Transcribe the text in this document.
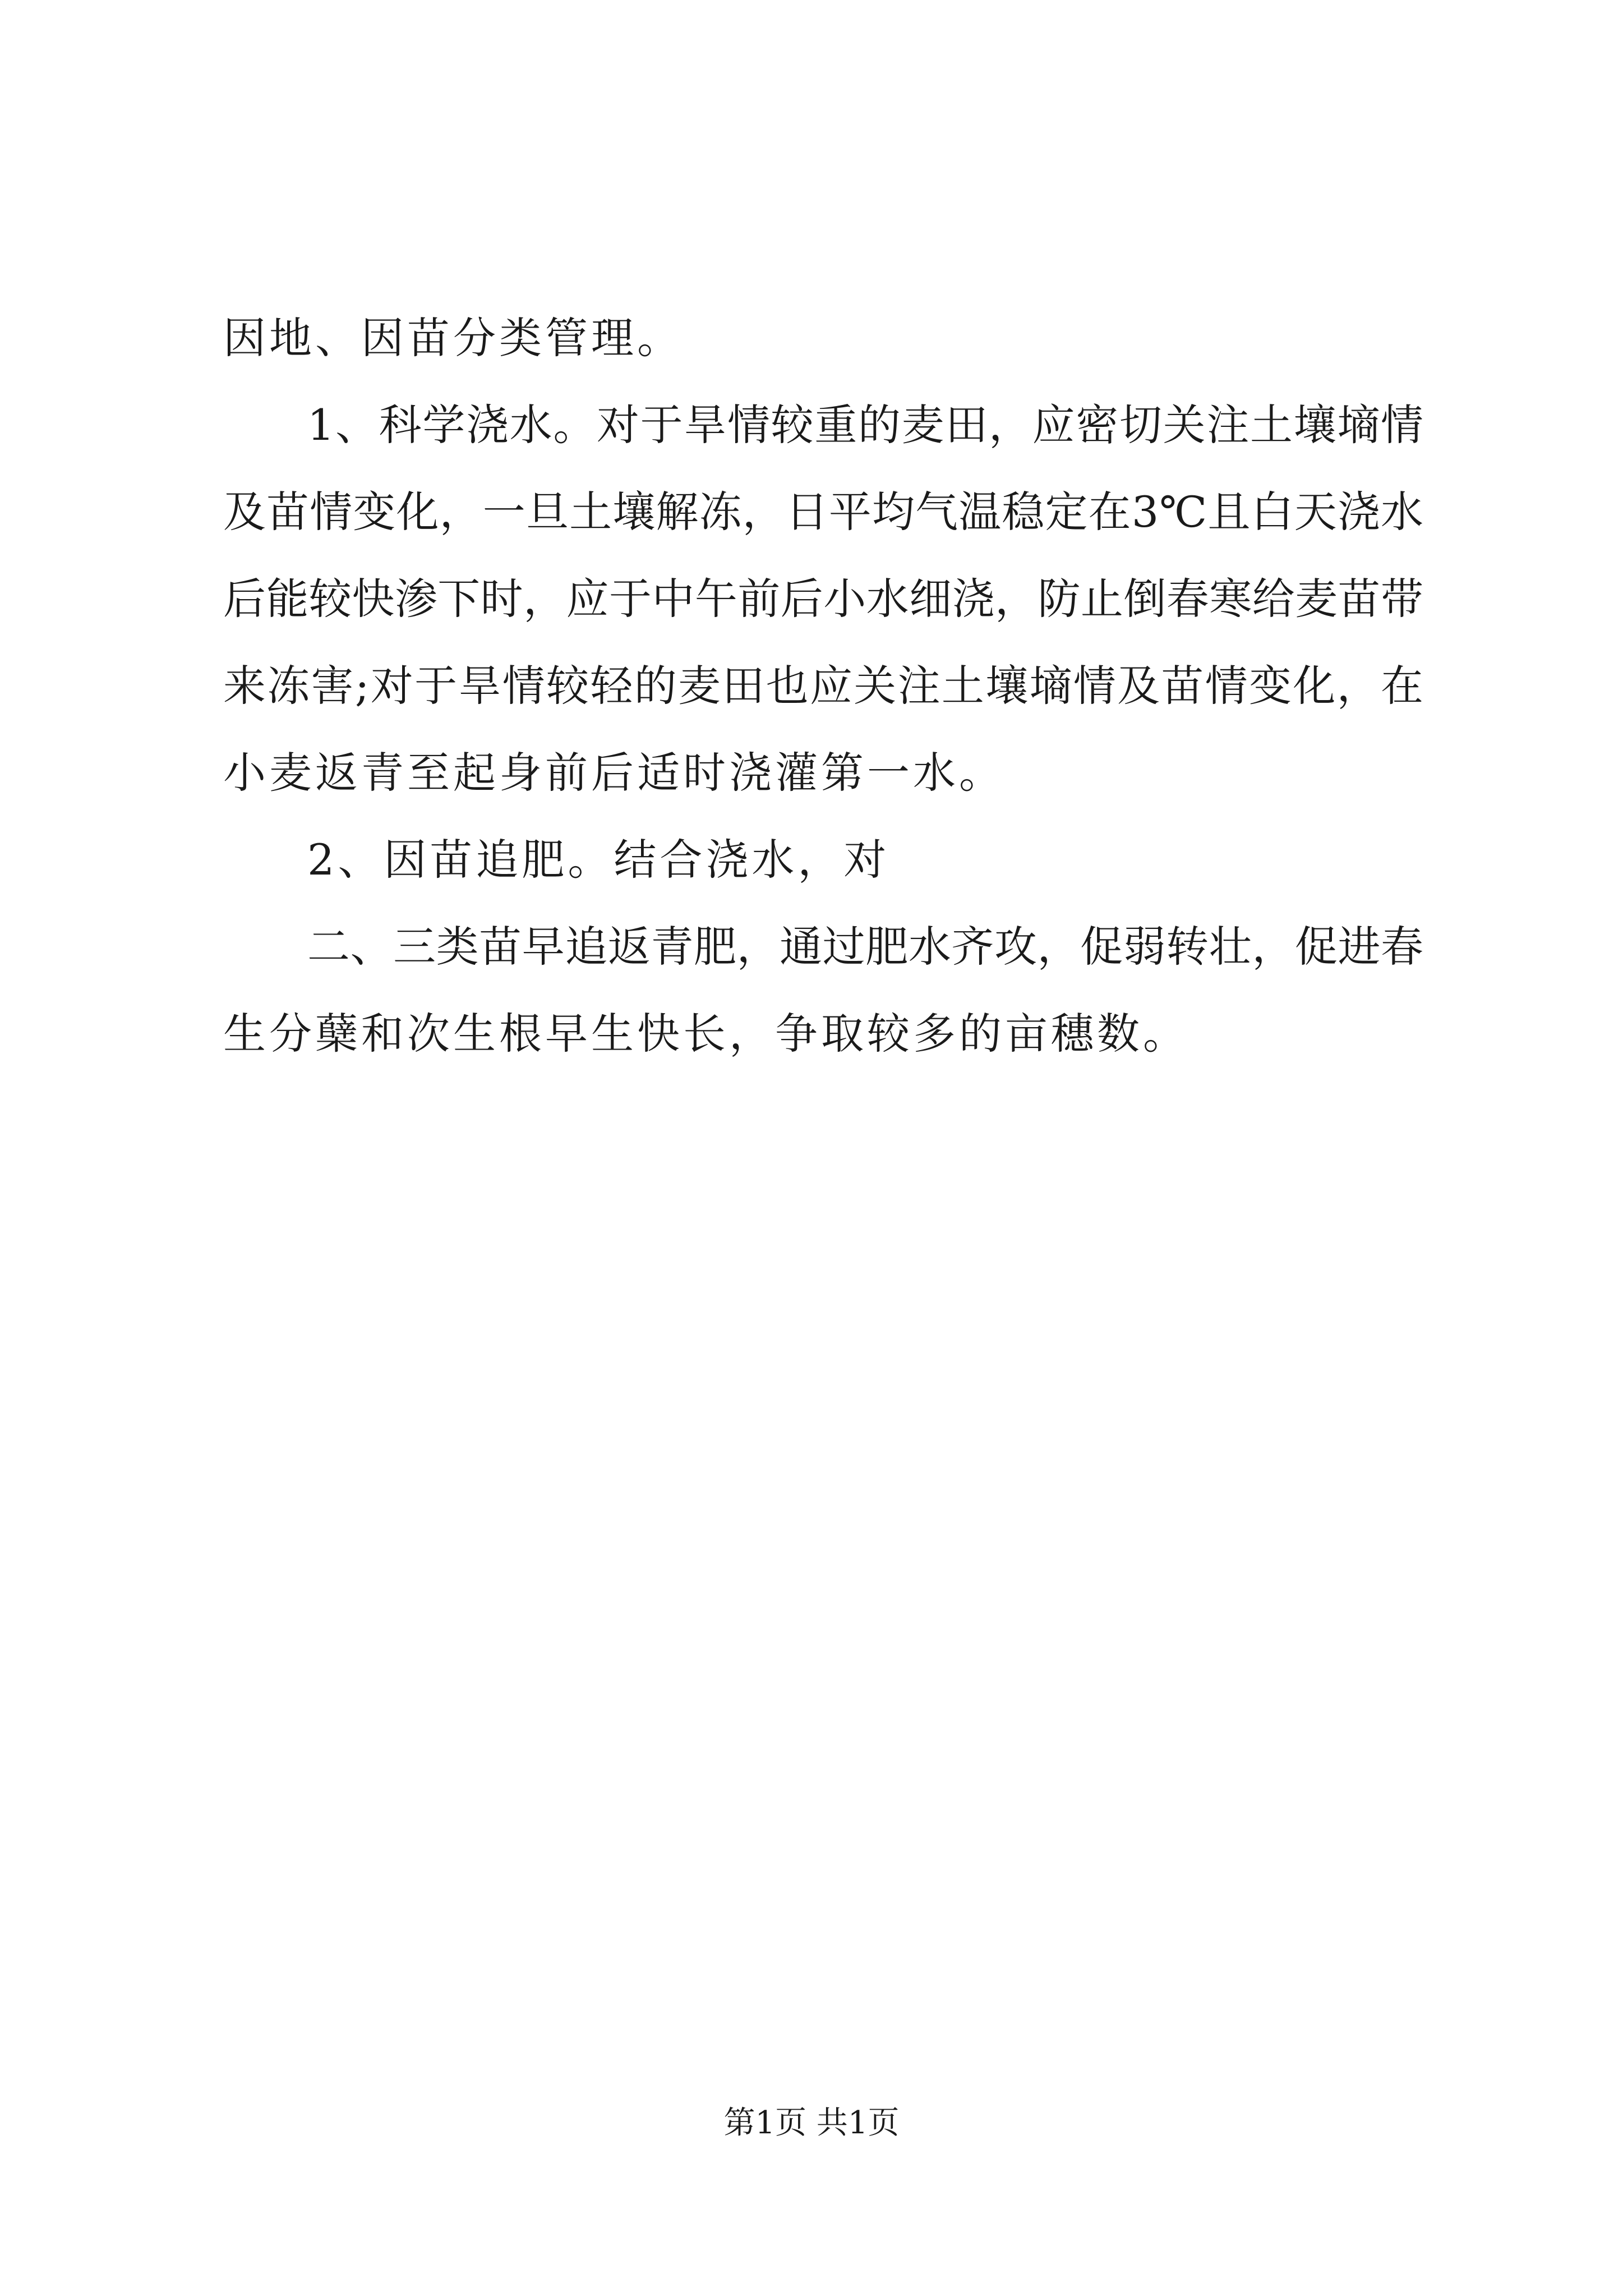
因地、因苗分类管理。
1、科学浇水。对于旱情较重的麦田，应密切关注土壤墒情
及苗情变化，一旦土壤解冻，日平均气温稳定在3℃且白天浇水
后能较快渗下时，应于中午前后小水细浇，防止倒春寒给麦苗带
来冻害;对于旱情较轻的麦田也应关注土壤墒情及苗情变化，在
小麦返青至起身前后适时浇灌第一水。
2、因苗追肥。结合浇水，对
二、三类苗早追返青肥，通过肥水齐攻，促弱转壮，促进春
生分蘖和次生根早生快长，争取较多的亩穗数。
第1页 共1页
